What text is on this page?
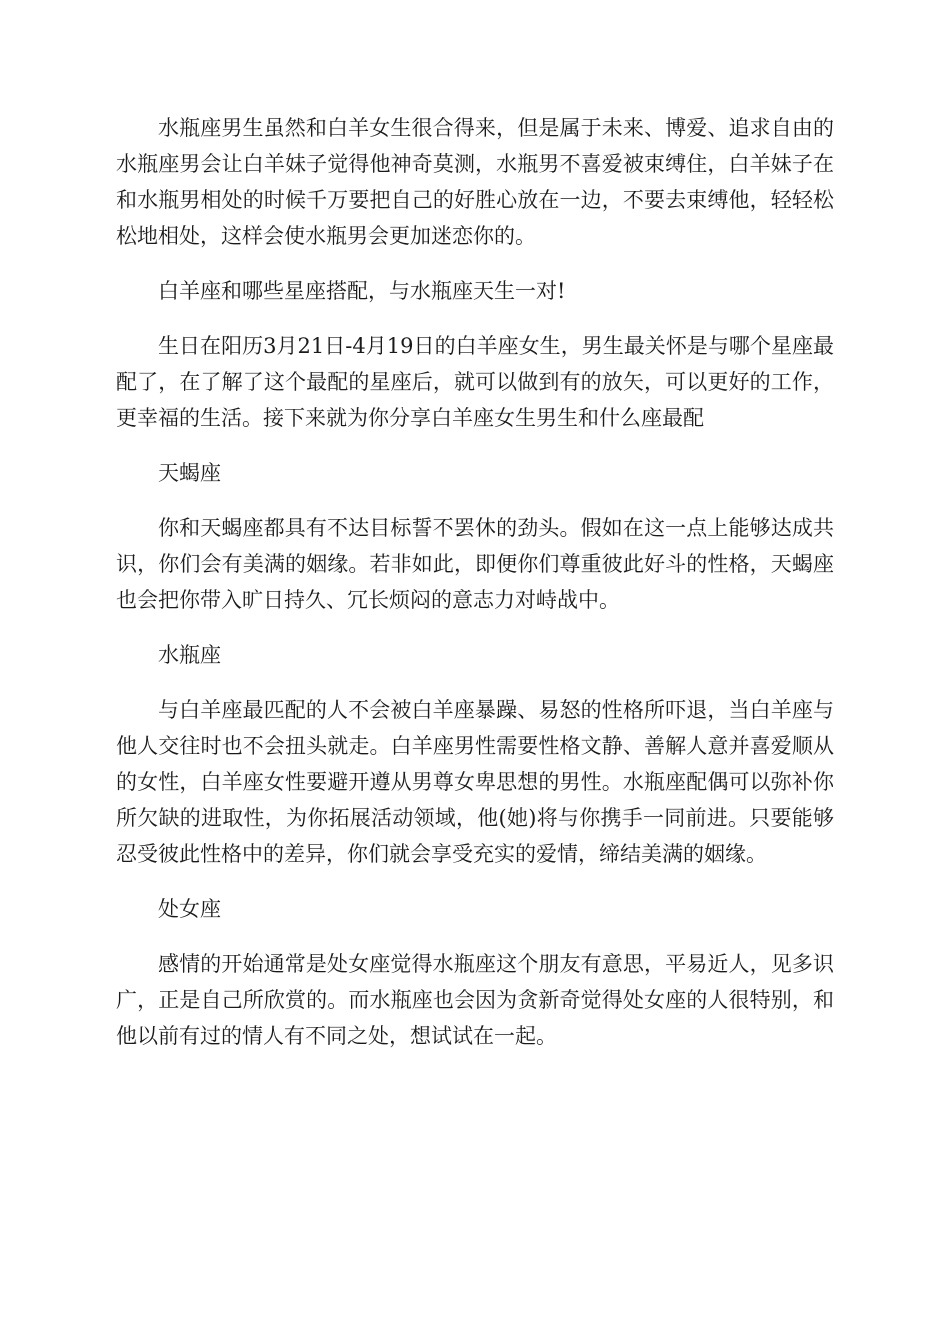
水瓶座男生虽然和白羊女生很合得来，但是属于未来、博爱、追求自由的水瓶座男会让白羊妹子觉得他神奇莫测，水瓶男不喜爱被束缚住，白羊妹子在和水瓶男相处的时候千万要把自己的好胜心放在一边，不要去束缚他，轻轻松松地相处，这样会使水瓶男会更加迷恋你的。

白羊座和哪些星座搭配，与水瓶座天生一对!

生日在阳历3月21日-4月19日的白羊座女生，男生最关怀是与哪个星座最配了，在了解了这个最配的星座后，就可以做到有的放矢，可以更好的工作，更幸福的生活。接下来就为你分享白羊座女生男生和什么座最配

天蝎座

你和天蝎座都具有不达目标誓不罢休的劲头。假如在这一点上能够达成共识，你们会有美满的姻缘。若非如此，即便你们尊重彼此好斗的性格，天蝎座也会把你带入旷日持久、冗长烦闷的意志力对峙战中。

水瓶座

与白羊座最匹配的人不会被白羊座暴躁、易怒的性格所吓退，当白羊座与他人交往时也不会扭头就走。白羊座男性需要性格文静、善解人意并喜爱顺从的女性，白羊座女性要避开遵从男尊女卑思想的男性。水瓶座配偶可以弥补你所欠缺的进取性，为你拓展活动领域，他(她)将与你携手一同前进。只要能够忍受彼此性格中的差异，你们就会享受充实的爱情，缔结美满的姻缘。

处女座

感情的开始通常是处女座觉得水瓶座这个朋友有意思，平易近人，见多识广，正是自己所欣赏的。而水瓶座也会因为贪新奇觉得处女座的人很特别，和他以前有过的情人有不同之处，想试试在一起。
